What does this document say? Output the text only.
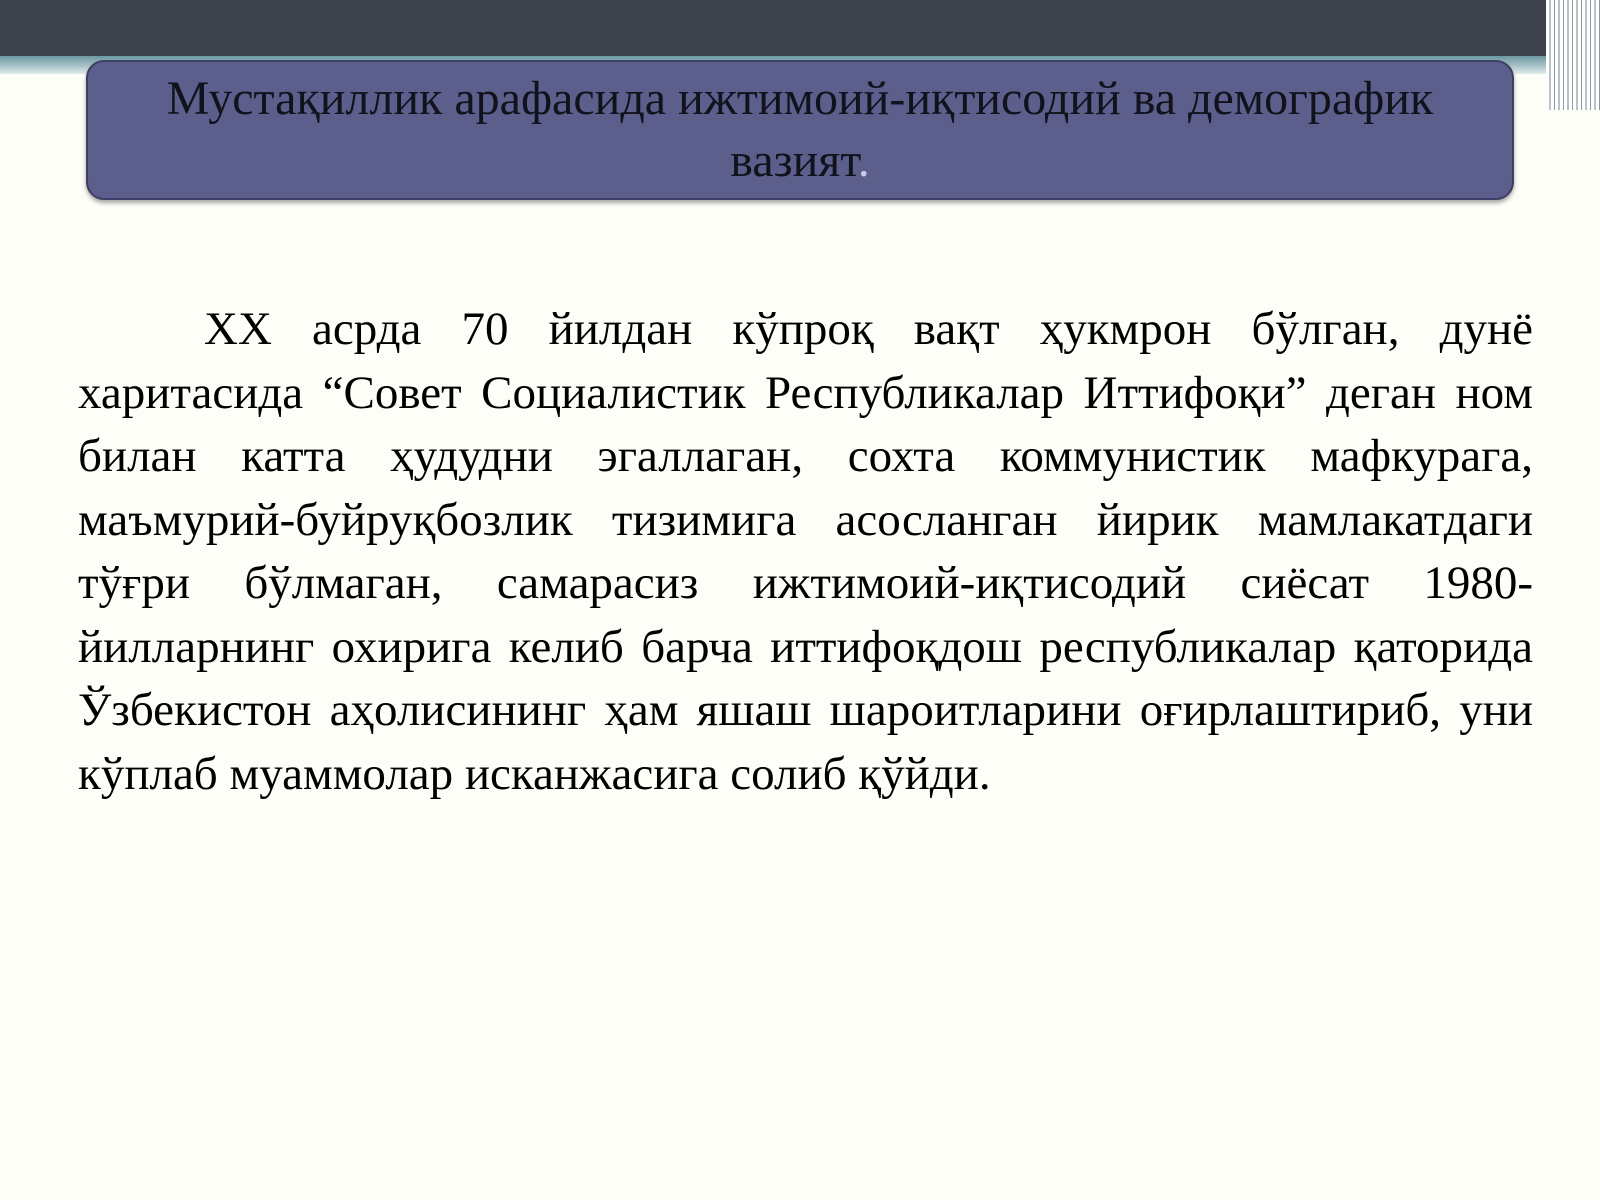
Мустақиллик арафасида ижтимоий-иқтисодий ва демографик вазият.

XX асрда 70 йилдан кўпроқ вақт ҳукмрон бўлган, дунё харитасида “Совет Социалистик Республикалар Иттифоқи” деган ном билан катта ҳудудни эгаллаган, сохта коммунистик мафкурага, маъмурий-буйруқбозлик тизимига асосланган йирик мамлакатдаги тўғри бўлмаган, самарасиз ижтимоий-иқтисодий сиёсат 1980-йилларнинг охирига келиб барча иттифоқдош республикалар қаторида Ўзбекистон аҳолисининг ҳам яшаш шароитларини оғирлаштириб, уни кўплаб муаммолар исканжасига солиб қўйди.
